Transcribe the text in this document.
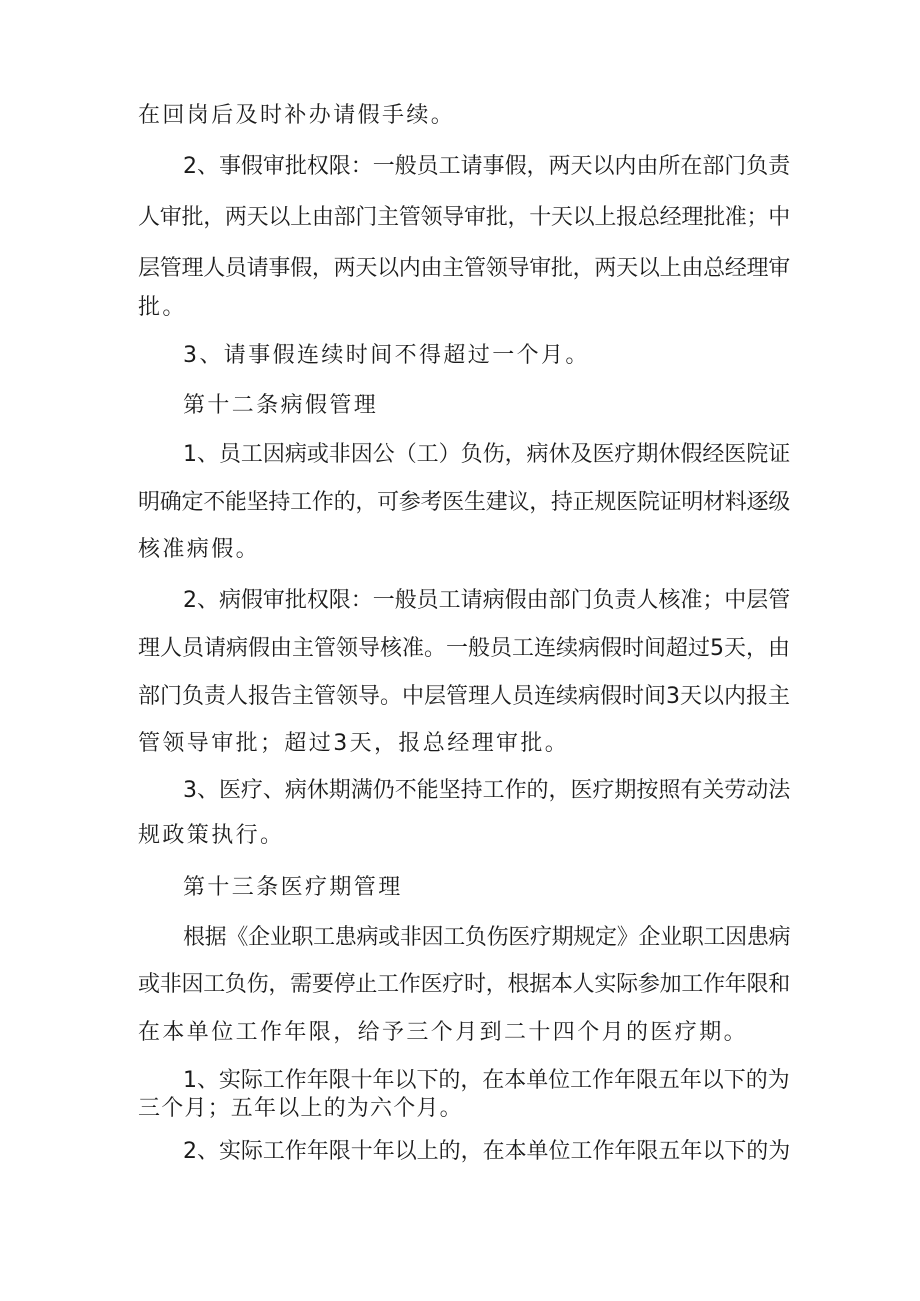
在回岗后及时补办请假手续。
2、事假审批权限：一般员工请事假，两天以内由所在部门负责
人审批，两天以上由部门主管领导审批，十天以上报总经理批准；中
层管理人员请事假，两天以内由主管领导审批，两天以上由总经理审
批。
3、请事假连续时间不得超过一个月。
第十二条病假管理
1、员工因病或非因公（工）负伤，病休及医疗期休假经医院证
明确定不能坚持工作的，可参考医生建议，持正规医院证明材料逐级
核准病假。
2、病假审批权限：一般员工请病假由部门负责人核准；中层管
理人员请病假由主管领导核准。一般员工连续病假时间超过5天，由
部门负责人报告主管领导。中层管理人员连续病假时间3天以内报主
管领导审批；超过3天，报总经理审批。
3、医疗、病休期满仍不能坚持工作的，医疗期按照有关劳动法
规政策执行。
第十三条医疗期管理
根据《企业职工患病或非因工负伤医疗期规定》企业职工因患病
或非因工负伤，需要停止工作医疗时，根据本人实际参加工作年限和
在本单位工作年限，给予三个月到二十四个月的医疗期。
1、实际工作年限十年以下的，在本单位工作年限五年以下的为
三个月；五年以上的为六个月。
2、实际工作年限十年以上的，在本单位工作年限五年以下的为
